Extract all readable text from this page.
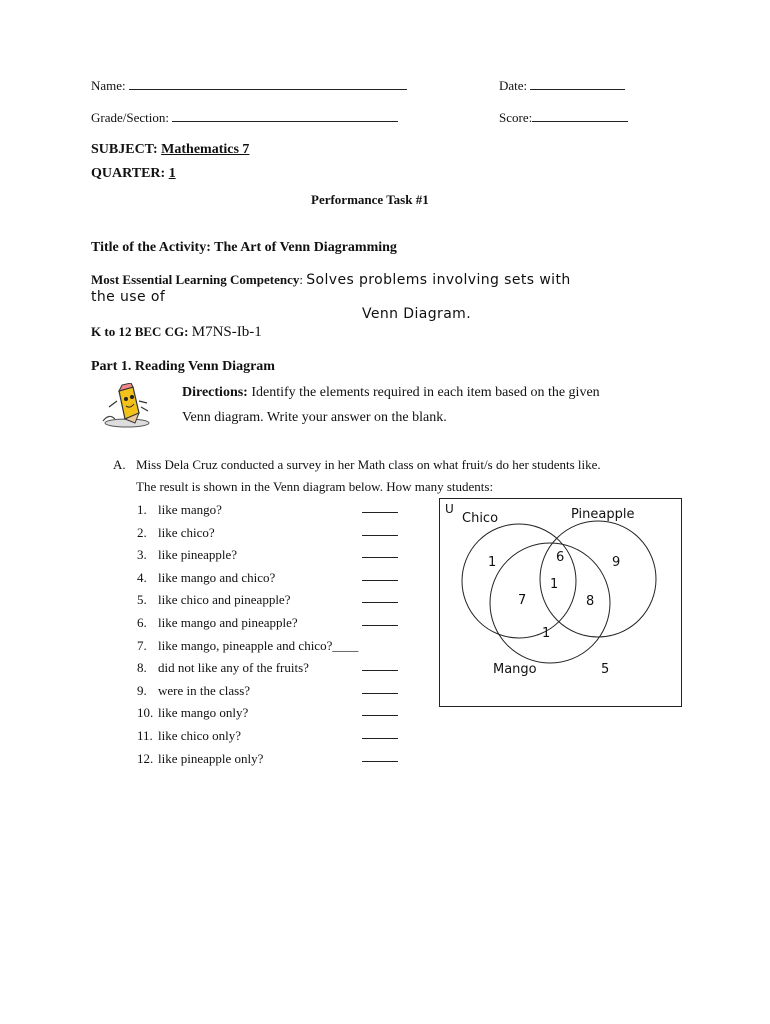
Name:	Date:
Grade/Section:	Score:
SUBJECT: Mathematics 7
QUARTER: 1
Performance Task #1
Title of the Activity: The Art of Venn Diagramming
Most Essential Learning Competency: Solves problems involving sets with
the use of
Venn Diagram.
K to 12 BEC CG: M7NS-Ib-1
Part 1. Reading Venn Diagram
Directions: Identify the elements required in each item based on the given
Venn diagram. Write your answer on the blank.
A. Miss Dela Cruz conducted a survey in her Math class on what fruit/s do her students like.
The result is shown in the Venn diagram below. How many students:
1. like mango?
2. like chico?
3. like pineapple?
4. like mango and chico?
5. like chico and pineapple?
6. like mango and pineapple?
7. like mango, pineapple and chico?____
8. did not like any of the fruits?
9. were in the class?
10. like mango only?
11. like chico only?
12. like pineapple only?
U
Chico	Pineapple
Mango
1	6	9
1
7	8
1
5
